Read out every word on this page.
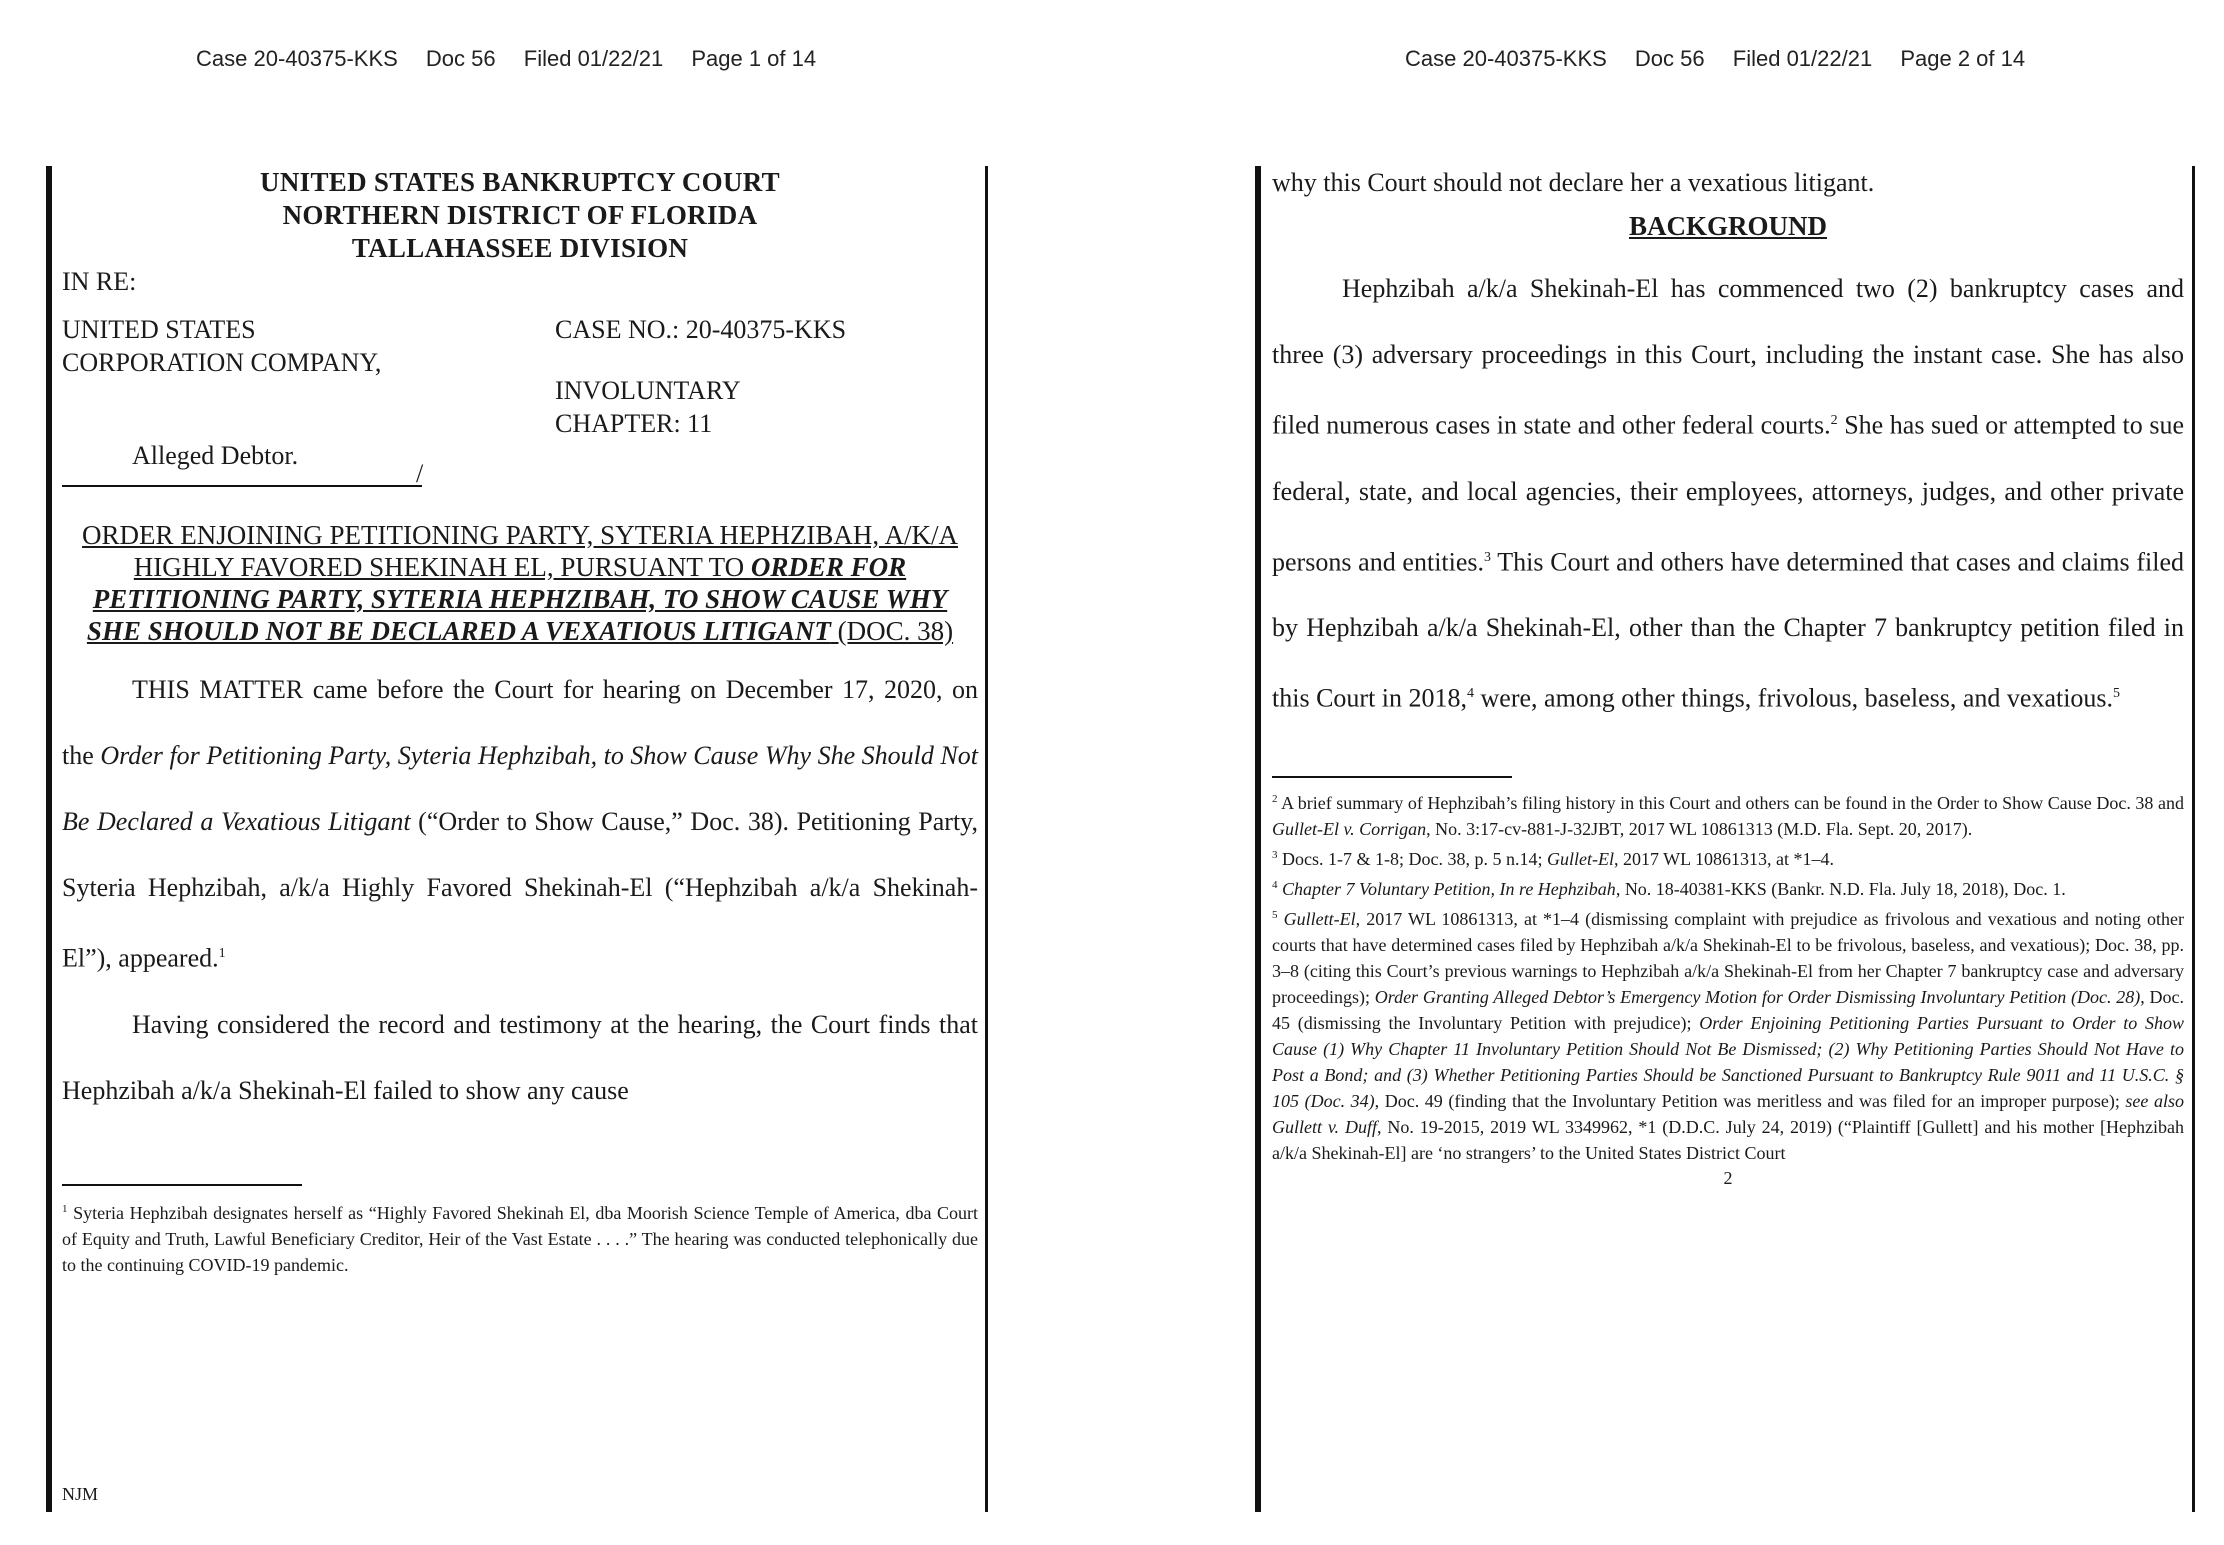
Case 20-40375-KKS Doc 56 Filed 01/22/21 Page 1 of 14
UNITED STATES BANKRUPTCY COURT
NORTHERN DISTRICT OF FLORIDA
TALLAHASSEE DIVISION
IN RE:
UNITED STATES
CORPORATION COMPANY,
CASE NO.: 20-40375-KKS
INVOLUNTARY
CHAPTER: 11
Alleged Debtor.
/
ORDER ENJOINING PETITIONING PARTY, SYTERIA HEPHZIBAH, A/K/A HIGHLY FAVORED SHEKINAH EL, PURSUANT TO ORDER FOR PETITIONING PARTY, SYTERIA HEPHZIBAH, TO SHOW CAUSE WHY SHE SHOULD NOT BE DECLARED A VEXATIOUS LITIGANT (DOC. 38)
THIS MATTER came before the Court for hearing on December 17, 2020, on the Order for Petitioning Party, Syteria Hephzibah, to Show Cause Why She Should Not Be Declared a Vexatious Litigant (“Order to Show Cause,” Doc. 38). Petitioning Party, Syteria Hephzibah, a/k/a Highly Favored Shekinah-El (“Hephzibah a/k/a Shekinah-El”), appeared.$^1$
Having considered the record and testimony at the hearing, the Court finds that Hephzibah a/k/a Shekinah-El failed to show any cause
$^1$ Syteria Hephzibah designates herself as “Highly Favored Shekinah El, dba Moorish Science Temple of America, dba Court of Equity and Truth, Lawful Beneficiary Creditor, Heir of the Vast Estate . . . .” The hearing was conducted telephonically due to the continuing COVID-19 pandemic.
NJM
Case 20-40375-KKS Doc 56 Filed 01/22/21 Page 2 of 14
why this Court should not declare her a vexatious litigant.
BACKGROUND
Hephzibah a/k/a Shekinah-El has commenced two (2) bankruptcy cases and three (3) adversary proceedings in this Court, including the instant case. She has also filed numerous cases in state and other federal courts.$^2$ She has sued or attempted to sue federal, state, and local agencies, their employees, attorneys, judges, and other private persons and entities.$^3$ This Court and others have determined that cases and claims filed by Hephzibah a/k/a Shekinah-El, other than the Chapter 7 bankruptcy petition filed in this Court in 2018,$^4$ were, among other things, frivolous, baseless, and vexatious.$^5$
$^2$ A brief summary of Hephzibah’s filing history in this Court and others can be found in the Order to Show Cause Doc. 38 and Gullet-El v. Corrigan, No. 3:17-cv-881-J-32JBT, 2017 WL 10861313 (M.D. Fla. Sept. 20, 2017).
$^3$ Docs. 1-7 & 1-8; Doc. 38, p. 5 n.14; Gullet-El, 2017 WL 10861313, at *1–4.
$^4$ Chapter 7 Voluntary Petition, In re Hephzibah, No. 18-40381-KKS (Bankr. N.D. Fla. July 18, 2018), Doc. 1.
$^5$ Gullett-El, 2017 WL 10861313, at *1–4 (dismissing complaint with prejudice as frivolous and vexatious and noting other courts that have determined cases filed by Hephzibah a/k/a Shekinah-El to be frivolous, baseless, and vexatious); Doc. 38, pp. 3–8 (citing this Court’s previous warnings to Hephzibah a/k/a Shekinah-El from her Chapter 7 bankruptcy case and adversary proceedings); Order Granting Alleged Debtor’s Emergency Motion for Order Dismissing Involuntary Petition (Doc. 28), Doc. 45 (dismissing the Involuntary Petition with prejudice); Order Enjoining Petitioning Parties Pursuant to Order to Show Cause (1) Why Chapter 11 Involuntary Petition Should Not Be Dismissed; (2) Why Petitioning Parties Should Not Have to Post a Bond; and (3) Whether Petitioning Parties Should be Sanctioned Pursuant to Bankruptcy Rule 9011 and 11 U.S.C. § 105 (Doc. 34), Doc. 49 (finding that the Involuntary Petition was meritless and was filed for an improper purpose); see also Gullett v. Duff, No. 19-2015, 2019 WL 3349962, *1 (D.D.C. July 24, 2019) (“Plaintiff [Gullett] and his mother [Hephzibah a/k/a Shekinah-El] are ‘no strangers’ to the United States District Court
2
